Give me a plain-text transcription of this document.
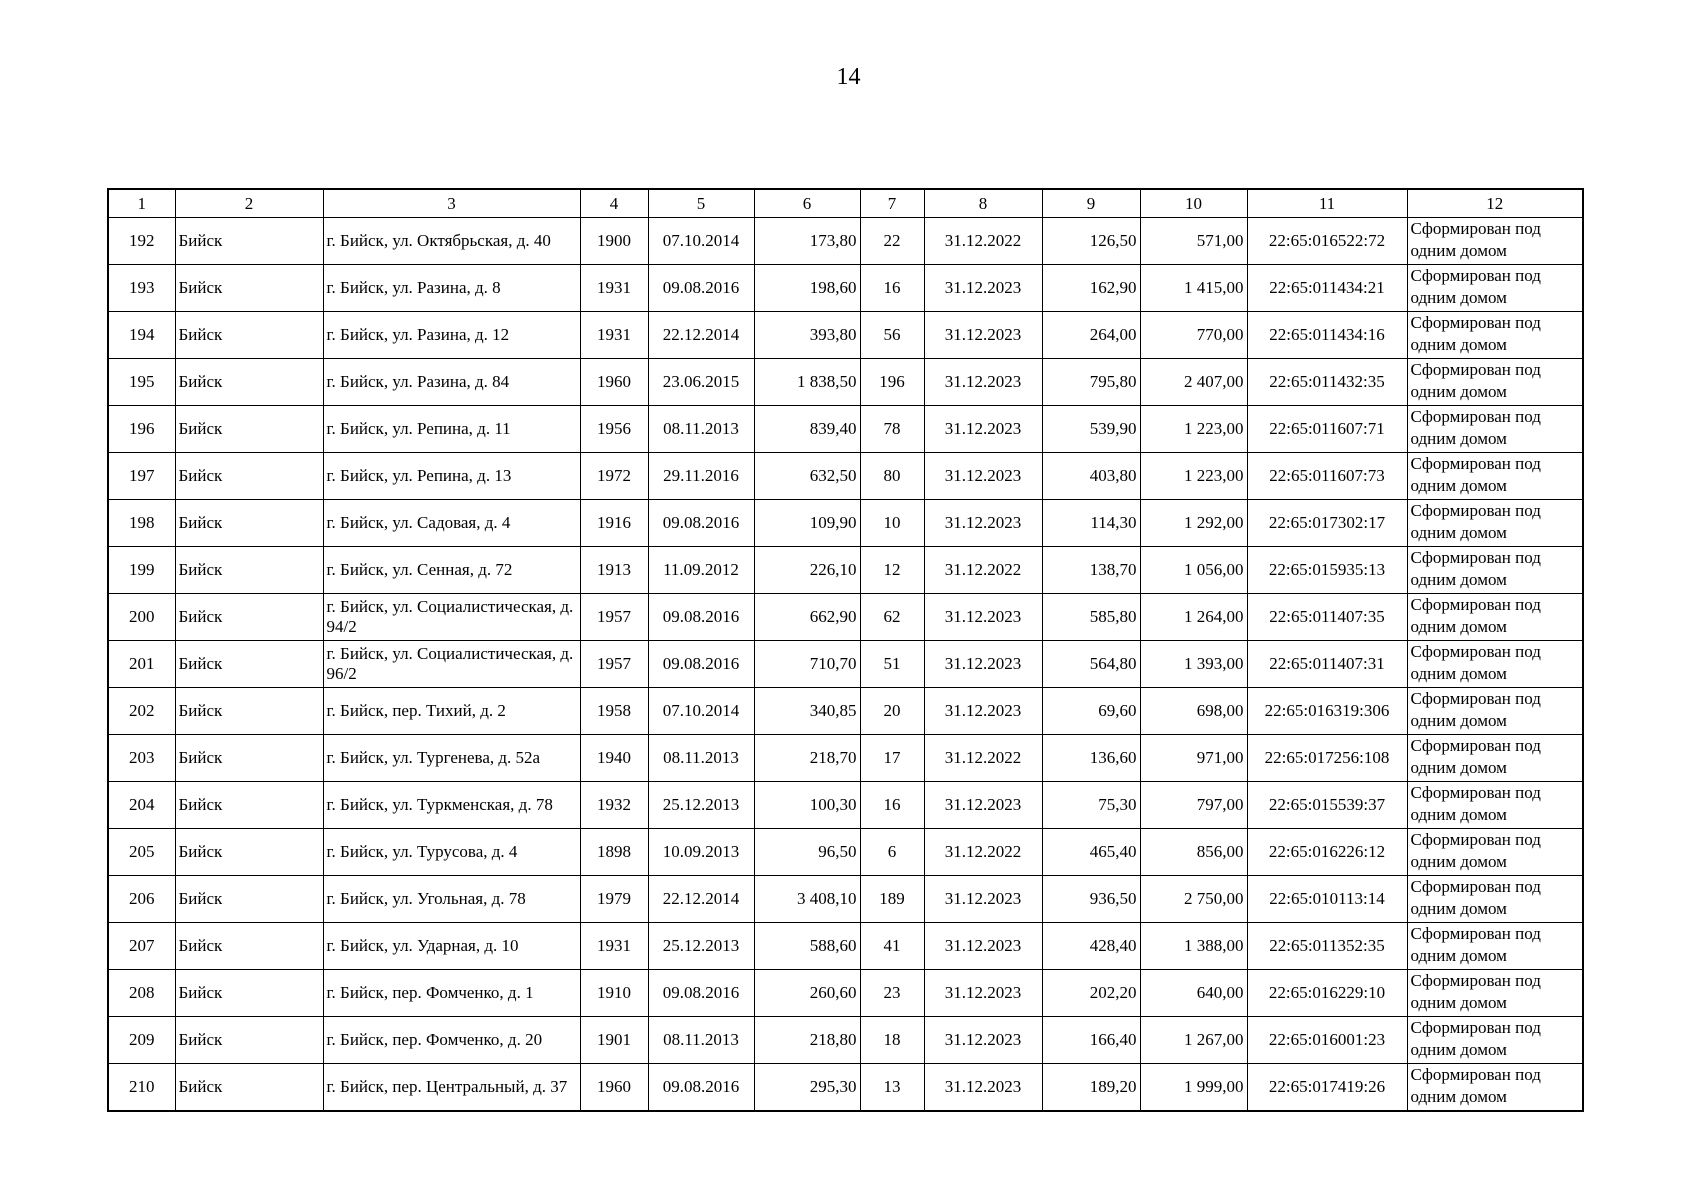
14
1	2	3	4	5	6	7	8	9	10	11	12
192	Бийск	г. Бийск, ул. Октябрьская, д. 40	1900	07.10.2014	173,80	22	31.12.2022	126,50	571,00	22:65:016522:72	Сформирован под одним домом
193	Бийск	г. Бийск, ул. Разина, д. 8	1931	09.08.2016	198,60	16	31.12.2023	162,90	1 415,00	22:65:011434:21	Сформирован под одним домом
194	Бийск	г. Бийск, ул. Разина, д. 12	1931	22.12.2014	393,80	56	31.12.2023	264,00	770,00	22:65:011434:16	Сформирован под одним домом
195	Бийск	г. Бийск, ул. Разина, д. 84	1960	23.06.2015	1 838,50	196	31.12.2023	795,80	2 407,00	22:65:011432:35	Сформирован под одним домом
196	Бийск	г. Бийск, ул. Репина, д. 11	1956	08.11.2013	839,40	78	31.12.2023	539,90	1 223,00	22:65:011607:71	Сформирован под одним домом
197	Бийск	г. Бийск, ул. Репина, д. 13	1972	29.11.2016	632,50	80	31.12.2023	403,80	1 223,00	22:65:011607:73	Сформирован под одним домом
198	Бийск	г. Бийск, ул. Садовая, д. 4	1916	09.08.2016	109,90	10	31.12.2023	114,30	1 292,00	22:65:017302:17	Сформирован под одним домом
199	Бийск	г. Бийск, ул. Сенная, д. 72	1913	11.09.2012	226,10	12	31.12.2022	138,70	1 056,00	22:65:015935:13	Сформирован под одним домом
200	Бийск	г. Бийск, ул. Социалистическая, д. 94/2	1957	09.08.2016	662,90	62	31.12.2023	585,80	1 264,00	22:65:011407:35	Сформирован под одним домом
201	Бийск	г. Бийск, ул. Социалистическая, д. 96/2	1957	09.08.2016	710,70	51	31.12.2023	564,80	1 393,00	22:65:011407:31	Сформирован под одним домом
202	Бийск	г. Бийск, пер. Тихий, д. 2	1958	07.10.2014	340,85	20	31.12.2023	69,60	698,00	22:65:016319:306	Сформирован под одним домом
203	Бийск	г. Бийск, ул. Тургенева, д. 52а	1940	08.11.2013	218,70	17	31.12.2022	136,60	971,00	22:65:017256:108	Сформирован под одним домом
204	Бийск	г. Бийск, ул. Туркменская, д. 78	1932	25.12.2013	100,30	16	31.12.2023	75,30	797,00	22:65:015539:37	Сформирован под одним домом
205	Бийск	г. Бийск, ул. Турусова, д. 4	1898	10.09.2013	96,50	6	31.12.2022	465,40	856,00	22:65:016226:12	Сформирован под одним домом
206	Бийск	г. Бийск, ул. Угольная, д. 78	1979	22.12.2014	3 408,10	189	31.12.2023	936,50	2 750,00	22:65:010113:14	Сформирован под одним домом
207	Бийск	г. Бийск, ул. Ударная, д. 10	1931	25.12.2013	588,60	41	31.12.2023	428,40	1 388,00	22:65:011352:35	Сформирован под одним домом
208	Бийск	г. Бийск, пер. Фомченко, д. 1	1910	09.08.2016	260,60	23	31.12.2023	202,20	640,00	22:65:016229:10	Сформирован под одним домом
209	Бийск	г. Бийск, пер. Фомченко, д. 20	1901	08.11.2013	218,80	18	31.12.2023	166,40	1 267,00	22:65:016001:23	Сформирован под одним домом
210	Бийск	г. Бийск, пер. Центральный, д. 37	1960	09.08.2016	295,30	13	31.12.2023	189,20	1 999,00	22:65:017419:26	Сформирован под одним домом
